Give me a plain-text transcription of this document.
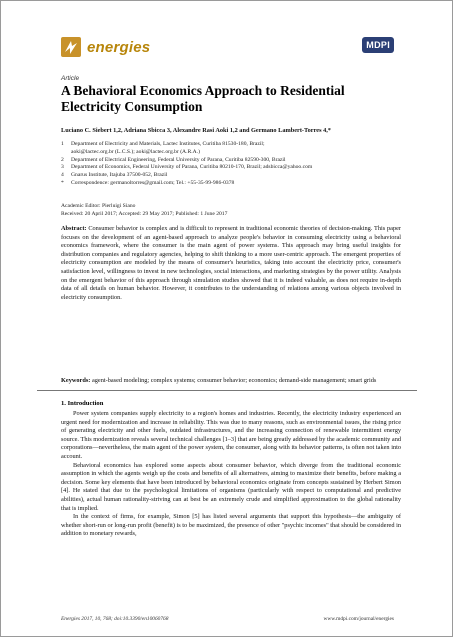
energies	MDPI
Article
A Behavioral Economics Approach to Residential Electricity Consumption
Luciano C. Siebert 1,2, Adriana Sbicca 3, Alexandre Rasi Aoki 1,2 and Germano Lambert-Torres 4,*
1	Department of Electricity and Materials, Lactec Institutes, Curitiba 81530-180, Brazil;
aoki@lactec.org.br (L.C.S.); aoki@lactec.org.br (A.R.A.)
2	Department of Electrical Engineering, Federal University of Parana, Curitiba 82590-300, Brazil
3	Department of Economics, Federal University of Parana, Curitiba 80210-170, Brazil; adsbicca@yahoo.com
4	Gnarus Institute, Itajuba 37500-052, Brazil
*	Correspondence: germanoltorres@gmail.com; Tel.: +55-35-99-986-0378
Academic Editor: Pierluigi Siano
Received: 20 April 2017; Accepted: 29 May 2017; Published: 1 June 2017
Abstract: Consumer behavior is complex and is difficult to represent in traditional economic theories of decision-making. This paper focuses on the development of an agent-based approach to analyze people's behavior in consuming electricity using a behavioral economics framework, where the consumer is the main agent of power systems. This approach may bring useful insights for distribution companies and regulatory agencies, helping to shift thinking to a more user-centric approach. The emergent properties of electricity consumption are modeled by the means of consumer's heuristics, taking into account the electricity price, consumer's satisfaction level, willingness to invest in new technologies, social interactions, and marketing strategies by the power utility. Analysis on the emergent behavior of this approach through simulation studies showed that it is indeed valuable, as does not require in-depth data of all details on human behavior. However, it contributes to the understanding of relations among various objects involved in electricity consumption.
Keywords: agent-based modeling; complex systems; consumer behavior; economics; demand-side management; smart grids
1. Introduction

Power system companies supply electricity to a region's homes and industries. Recently, the electricity industry experienced an urgent need for modernization and increase in reliability. This was due to many reasons, such as environmental issues, the rising price of generating electricity and other fuels, outdated infrastructures, and the increasing connection of renewable intermittent energy source. This modernization reveals several technical challenges [1–3] that are being greatly addressed by the academic community and corporations—nevertheless, the main agent of the power system, the consumer, along with its behavior patterns, is often not taken into account.

Behavioral economics has explored some aspects about consumer behavior, which diverge from the traditional economic assumption in which the agents weigh up the costs and benefits of all alternatives, aiming to maximize their benefits, before making a decision. Some key elements that have been introduced by behavioral economics originate from concepts sustained by Herbert Simon [4]. He stated that due to the psychological limitations of organisms (particularly with respect to computational and predictive abilities), actual human rationality-striving can at best be an extremely crude and simplified approximation to the global rationality that is implied.

In the context of firms, for example, Simon [5] has listed several arguments that support this hypothesis—the ambiguity of whether short-run or long-run profit (benefit) is to be maximized, the presence of other "psychic incomes" that should be considered in addition to monetary rewards,

Energies 2017, 10, 768; doi:10.3390/en10060768	www.mdpi.com/journal/energies
